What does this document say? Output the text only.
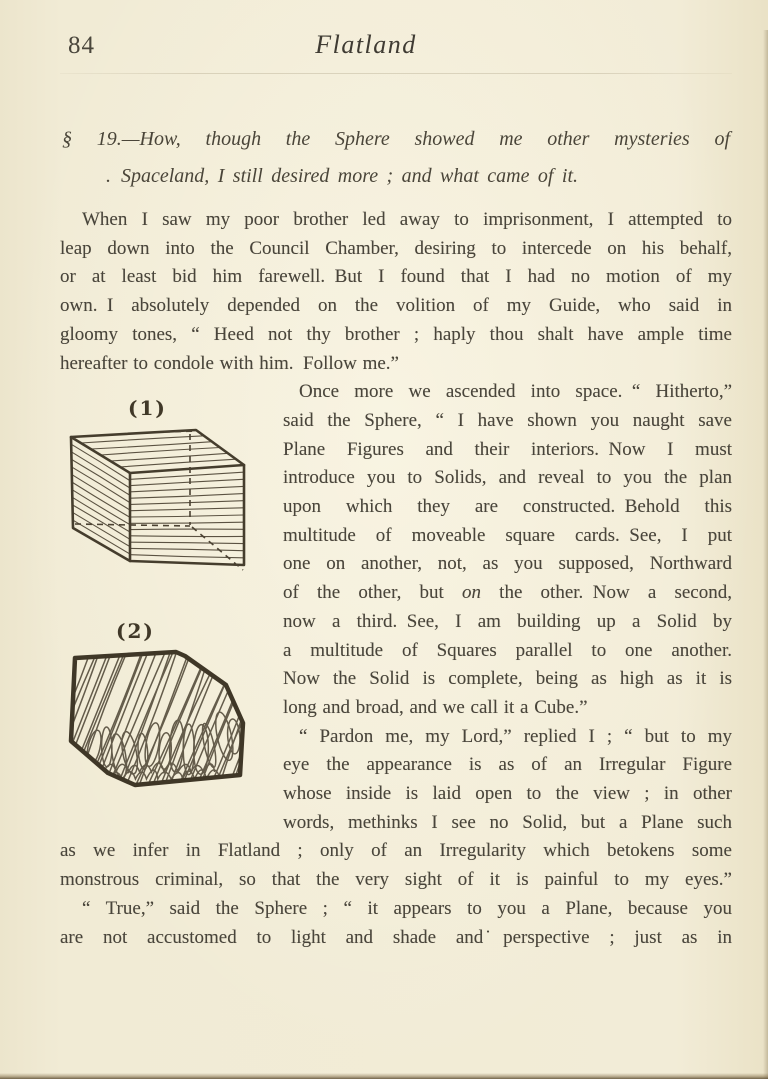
84	Flatland
§ 19.—How, though the Sphere showed me other mysteries of
. Spaceland, I still desired more ; and what came of it.
When I saw my poor brother led away to imprisonment, I attempted to
leap down into the Council Chamber, desiring to intercede on his behalf,
or at least bid him farewell. But I found that I had no motion of my
own. I absolutely depended on the volition of my Guide, who said in
gloomy tones, “ Heed not thy brother ; haply thou shalt have ample time
hereafter to condole with him. Follow me.”
(1)
(2)
Once more we ascended into space. “ Hitherto,”
said the Sphere, “ I have shown you naught save
Plane Figures and their interiors. Now I must
introduce you to Solids, and reveal to you the plan
upon which they are constructed. Behold this
multitude of moveable square cards. See, I put
one on another, not, as you supposed, Northward
of the other, but on the other. Now a second,
now a third. See, I am building up a Solid by
a multitude of Squares parallel to one another.
Now the Solid is complete, being as high as it is
long and broad, and we call it a Cube.”
“ Pardon me, my Lord,” replied I ; “ but to my
eye the appearance is as of an Irregular Figure
whose inside is laid open to the view ; in other
words, methinks I see no Solid, but a Plane such
as we infer in Flatland ; only of an Irregularity which betokens some
monstrous criminal, so that the very sight of it is painful to my eyes.”
“ True,” said the Sphere ; “ it appears to you a Plane, because you
are not accustomed to light and shade and ̇perspective ; just as in
